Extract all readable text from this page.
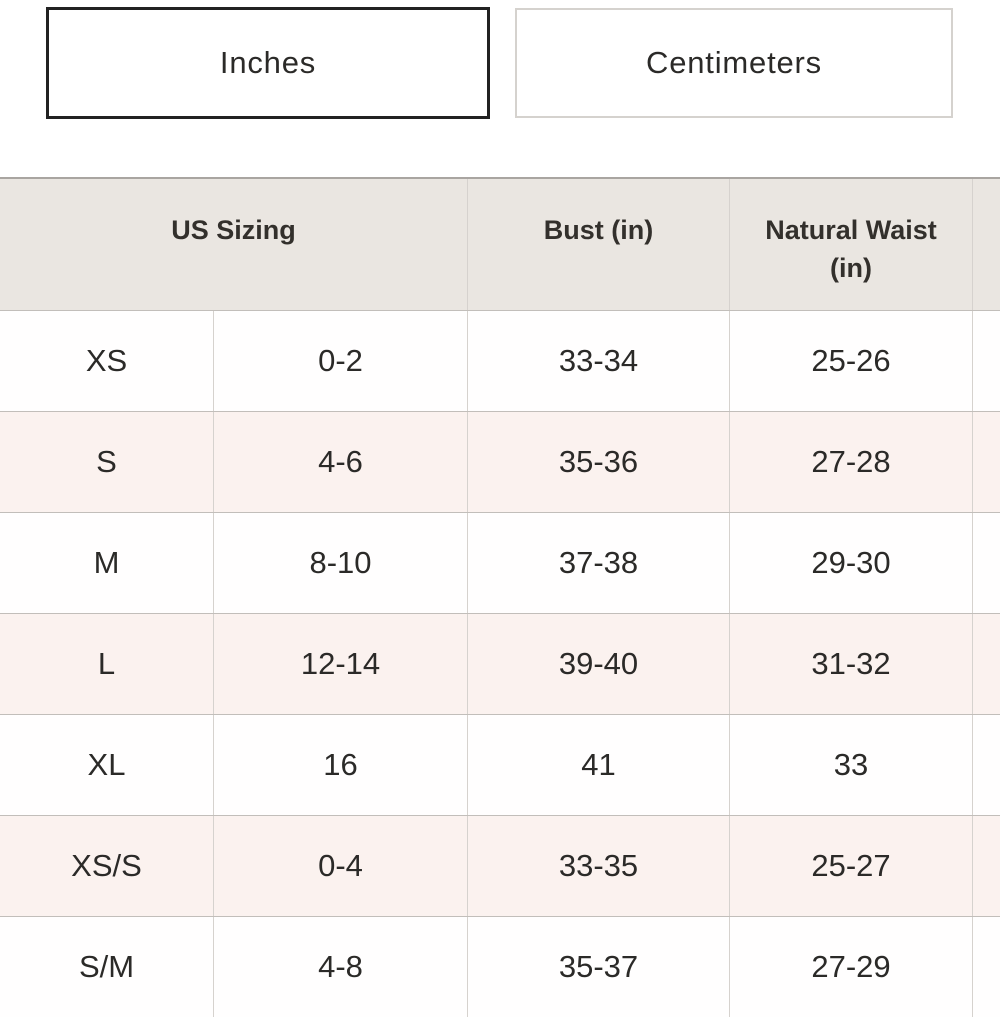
Inches	Centimeters
US Sizing	Bust (in)	Natural Waist (in)
XS	0-2	33-34	25-26
S	4-6	35-36	27-28
M	8-10	37-38	29-30
L	12-14	39-40	31-32
XL	16	41	33
XS/S	0-4	33-35	25-27
S/M	4-8	35-37	27-29
